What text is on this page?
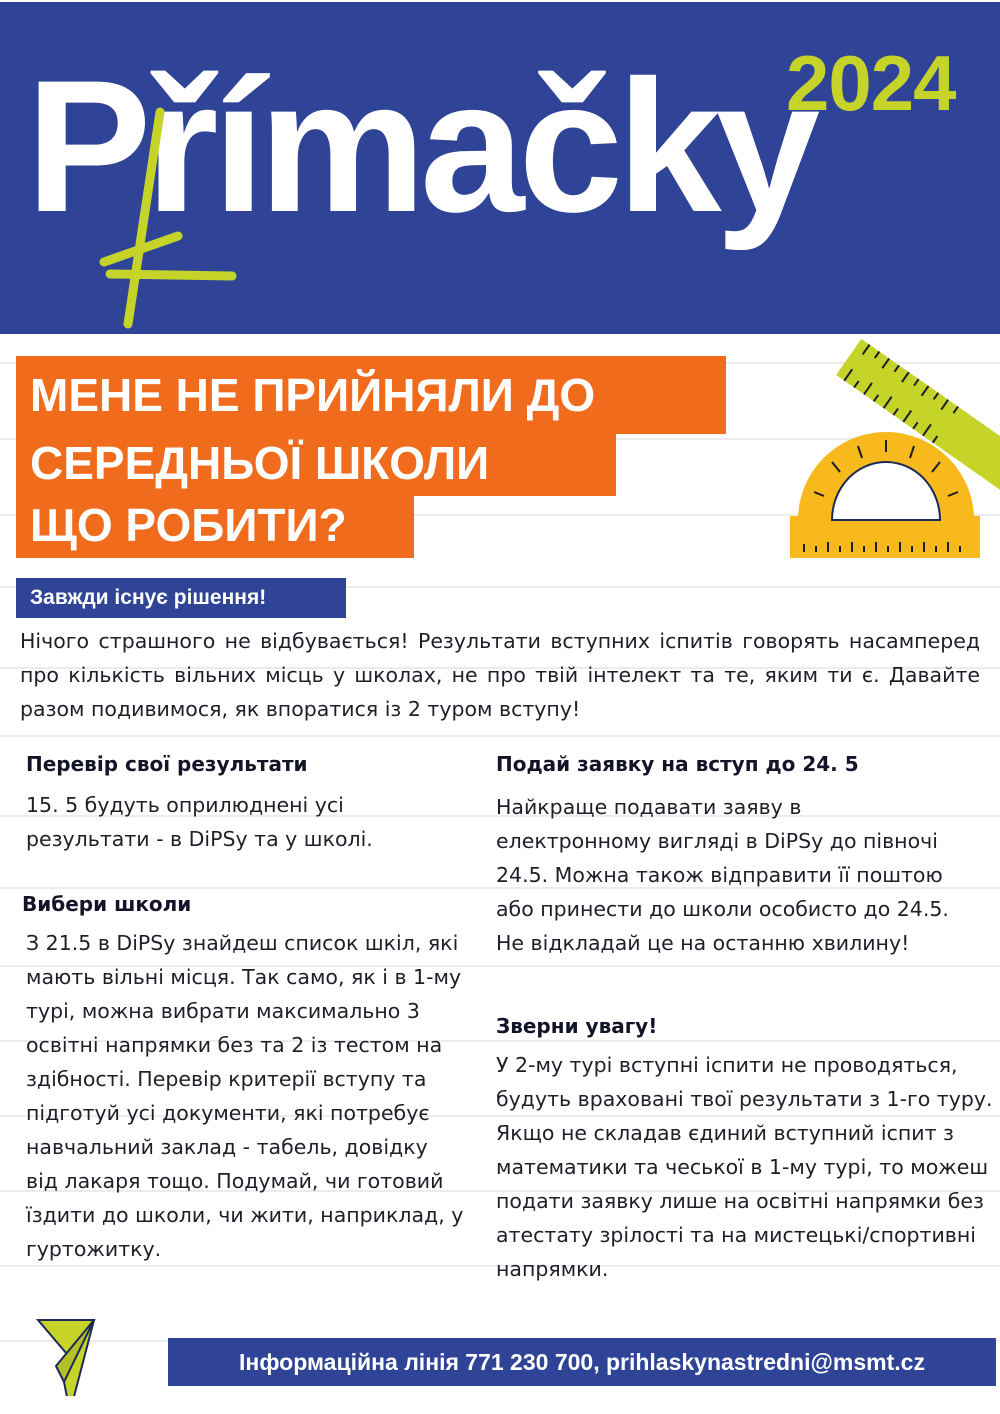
Přímačky
2024
МЕНЕ НЕ ПРИЙНЯЛИ ДО
СЕРЕДНЬОЇ ШКОЛИ
ЩО РОБИТИ?
Завжди існує рішення!

Нічого страшного не відбувається! Результати вступних іспитів говорять насамперед про кількість вільних місць у школах, не про твій інтелект та те, яким ти є. Давайте разом подивимося, як впоратися із 2 туром вступу!

Перевір свої результати

15. 5 будуть оприлюднені усі результати - в DiPSy та у школі.

Вибери школи

З 21.5 в DiPSy знайдеш список шкіл, які мають вільні місця. Так само, як і в 1-му турі, можна вибрати максимально 3 освітні напрямки без та 2 із тестом на здібності. Перевір критерії вступу та підготуй усі документи, які потребує навчальний заклад - табель, довідку від лакаря тощо. Подумай, чи готовий їздити до школи, чи жити, наприклад, у гуртожитку.

Подай заявку на вступ до 24. 5

Найкраще подавати заяву в електронному вигляді в DiPSy до півночі 24.5. Можна також відправити її поштою або принести до школи особисто до 24.5. Не відкладай це на останню хвилину!

Зверни увагу!

У 2-му турі вступні іспити не проводяться, будуть враховані твої результати з 1-го туру. Якщо не складав єдиний вступний іспит з математики та чеської в 1-му турі, то можеш подати заявку лише на освітні напрямки без атестату зрілості та на мистецькі/спортивні напрямки.

Інформаційна лінія 771 230 700, prihlaskynastredni@msmt.cz
